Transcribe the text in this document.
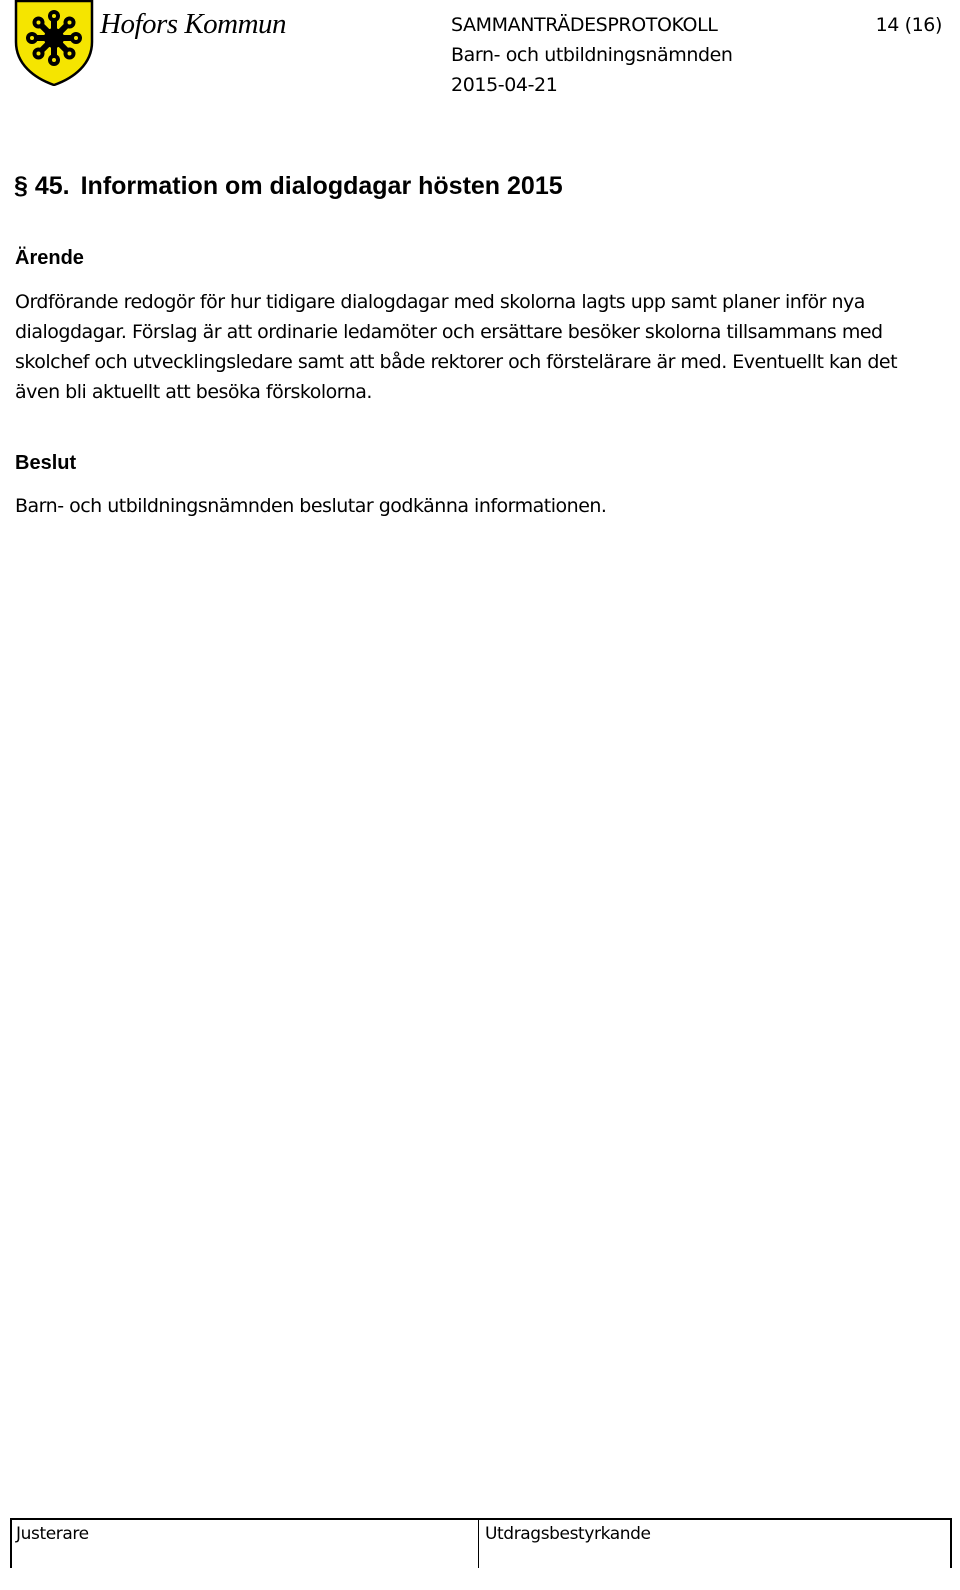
Hofors Kommun	SAMMANTRÄDESPROTOKOLL	14 (16)
Barn- och utbildningsnämnden
2015-04-21
§ 45. Information om dialogdagar hösten 2015
Ärende

Ordförande redogör för hur tidigare dialogdagar med skolorna lagts upp samt planer inför nya dialogdagar. Förslag är att ordinarie ledamöter och ersättare besöker skolorna tillsammans med skolchef och utvecklingsledare samt att både rektorer och förstelärare är med. Eventuellt kan det även bli aktuellt att besöka förskolorna.

Beslut

Barn- och utbildningsnämnden beslutar godkänna informationen.

Justerare	Utdragsbestyrkande
